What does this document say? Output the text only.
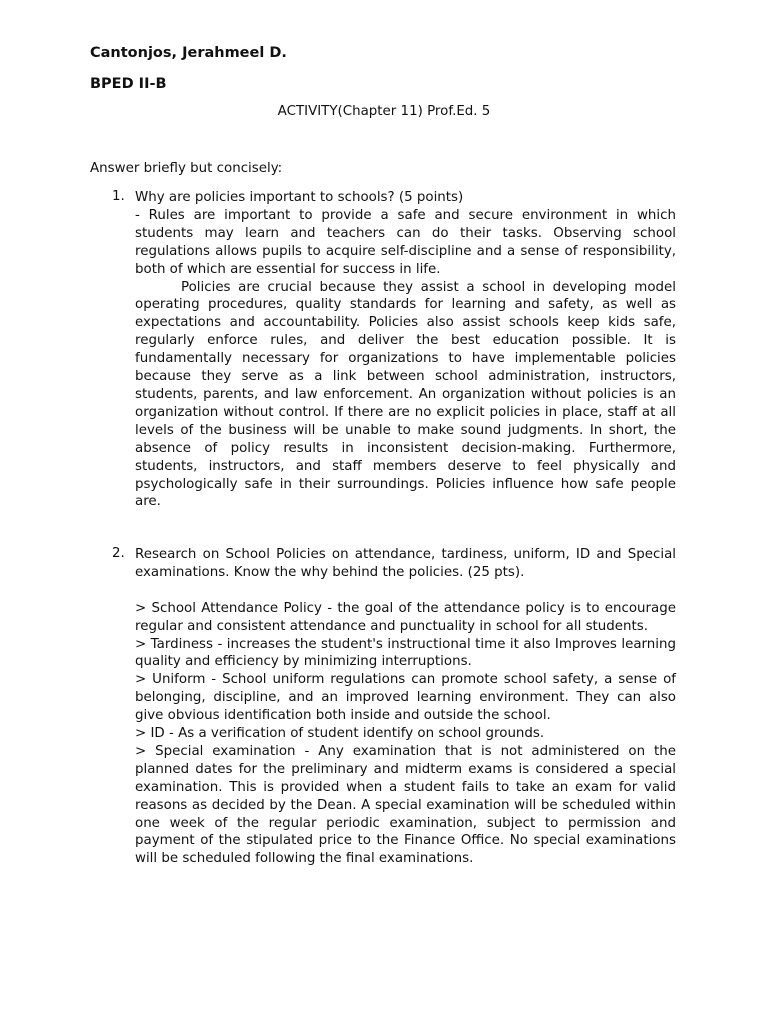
Cantonjos, Jerahmeel D.
BPED II-B
ACTIVITY(Chapter 11) Prof.Ed. 5
Answer briefly but concisely:
1. Why are policies important to schools? (5 points)

- Rules are important to provide a safe and secure environment in which students may learn and teachers can do their tasks. Observing school regulations allows pupils to acquire self-discipline and a sense of responsibility, both of which are essential for success in life.

Policies are crucial because they assist a school in developing model operating procedures, quality standards for learning and safety, as well as expectations and accountability. Policies also assist schools keep kids safe, regularly enforce rules, and deliver the best education possible. It is fundamentally necessary for organizations to have implementable policies because they serve as a link between school administration, instructors, students, parents, and law enforcement. An organization without policies is an organization without control. If there are no explicit policies in place, staff at all levels of the business will be unable to make sound judgments. In short, the absence of policy results in inconsistent decision-making. Furthermore, students, instructors, and staff members deserve to feel physically and psychologically safe in their surroundings. Policies influence how safe people are.

2. Research on School Policies on attendance, tardiness, uniform, ID and Special examinations. Know the why behind the policies. (25 pts).

> School Attendance Policy - the goal of the attendance policy is to encourage regular and consistent attendance and punctuality in school for all students.

> Tardiness - increases the student's instructional time it also Improves learning quality and efficiency by minimizing interruptions.

> Uniform - School uniform regulations can promote school safety, a sense of belonging, discipline, and an improved learning environment. They can also give obvious identification both inside and outside the school.

> ID - As a verification of student identify on school grounds.

> Special examination - Any examination that is not administered on the planned dates for the preliminary and midterm exams is considered a special examination. This is provided when a student fails to take an exam for valid reasons as decided by the Dean. A special examination will be scheduled within one week of the regular periodic examination, subject to permission and payment of the stipulated price to the Finance Office. No special examinations will be scheduled following the final examinations.
